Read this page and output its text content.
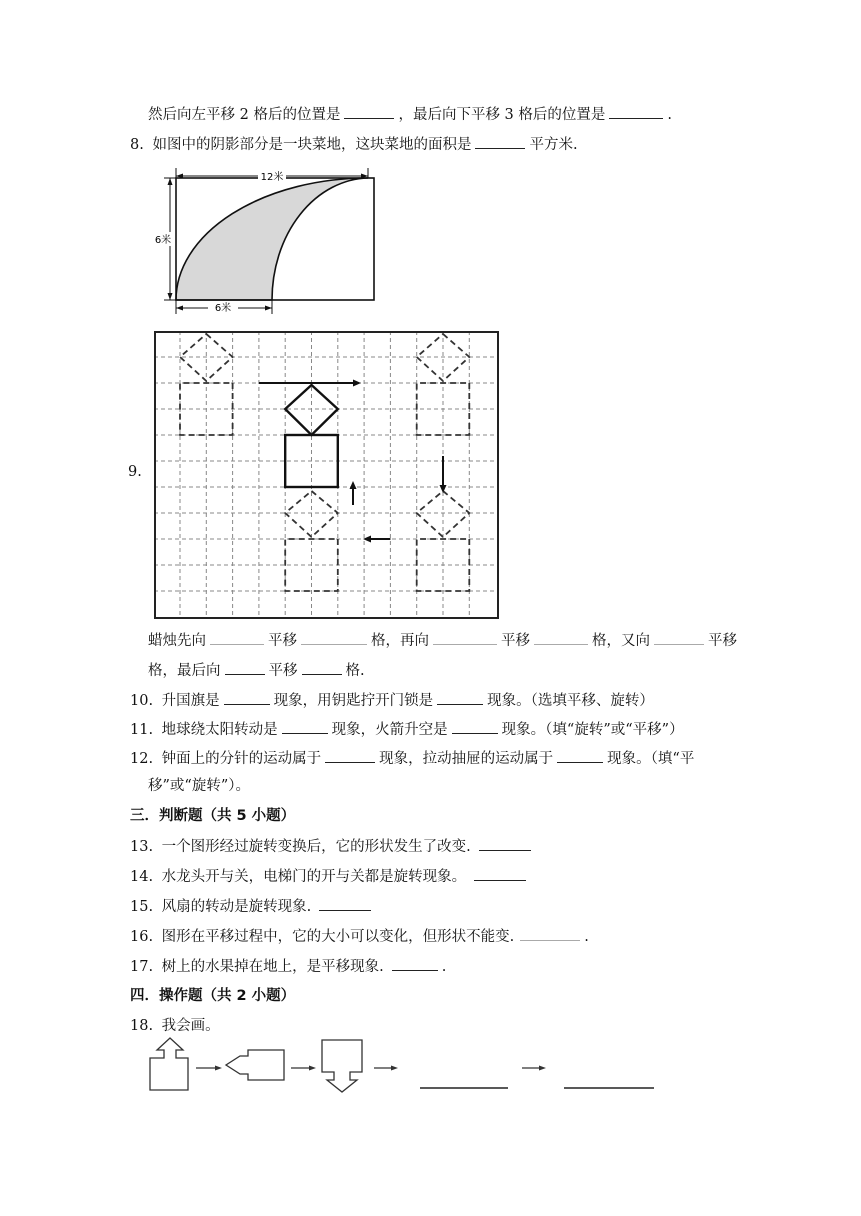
然后向左平移 2 格后的位置是	，最后向下平移 3 格后的位置是	.
8. 如图中的阴影部分是一块菜地，这块菜地的面积是	平方米.
12米
6米
6米
9.
蜡烛先向	平移	格，再向	平移	格，又向	平移
格，最后向	平移	格.
10. 升国旗是	现象，用钥匙拧开门锁是	现象。（选填平移、旋转）
11. 地球绕太阳转动是	现象，火箭升空是	现象。（填“旋转”或“平移”）
12. 钟面上的分针的运动属于	现象，拉动抽屉的运动属于	现象。（填“平
移”或“旋转”）。
三．判断题（共 5 小题）
13. 一个图形经过旋转变换后，它的形状发生了改变.
14. 水龙头开与关，电梯门的开与关都是旋转现象。
15. 风扇的转动是旋转现象.
16. 图形在平移过程中，它的大小可以变化，但形状不能变.	.
17. 树上的水果掉在地上，是平移现象.	.
四．操作题（共 2 小题）
18. 我会画。
